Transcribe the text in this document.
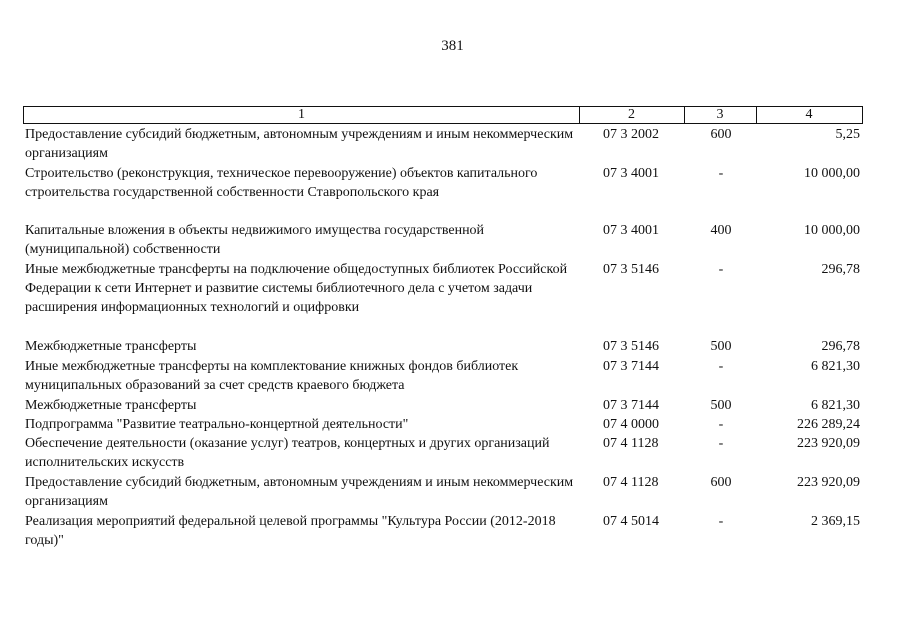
381
1	2	3	4
Предоставление субсидий бюджетным, автономным учреждениям и иным некоммерческим организациям
07 3 2002	600	5,25
Строительство (реконструкция, техническое перевооружение) объектов капитального строительства государственной собственности Ставропольского края
07 3 4001	-	10 000,00
Капитальные вложения в объекты недвижимого имущества государственной (муниципальной) собственности
07 3 4001	400	10 000,00
Иные межбюджетные трансферты на подключение общедоступных библиотек Российской Федерации к сети Интернет и развитие системы библиотечного дела с учетом задачи расширения информационных технологий и оцифровки
07 3 5146	-	296,78
Межбюджетные трансферты	07 3 5146	500	296,78
Иные межбюджетные трансферты на комплектование книжных фондов библиотек муниципальных образований за счет средств краевого бюджета
07 3 7144	-	6 821,30
Межбюджетные трансферты	07 3 7144	500	6 821,30
Подпрограмма "Развитие театрально-концертной деятельности"	07 4 0000	-	226 289,24
Обеспечение деятельности (оказание услуг) театров, концертных и других организаций исполнительских искусств
07 4 1128	-	223 920,09
Предоставление субсидий бюджетным, автономным учреждениям и иным некоммерческим организациям
07 4 1128	600	223 920,09
Реализация мероприятий федеральной целевой программы "Культура России (2012-2018 годы)"
07 4 5014	-	2 369,15
